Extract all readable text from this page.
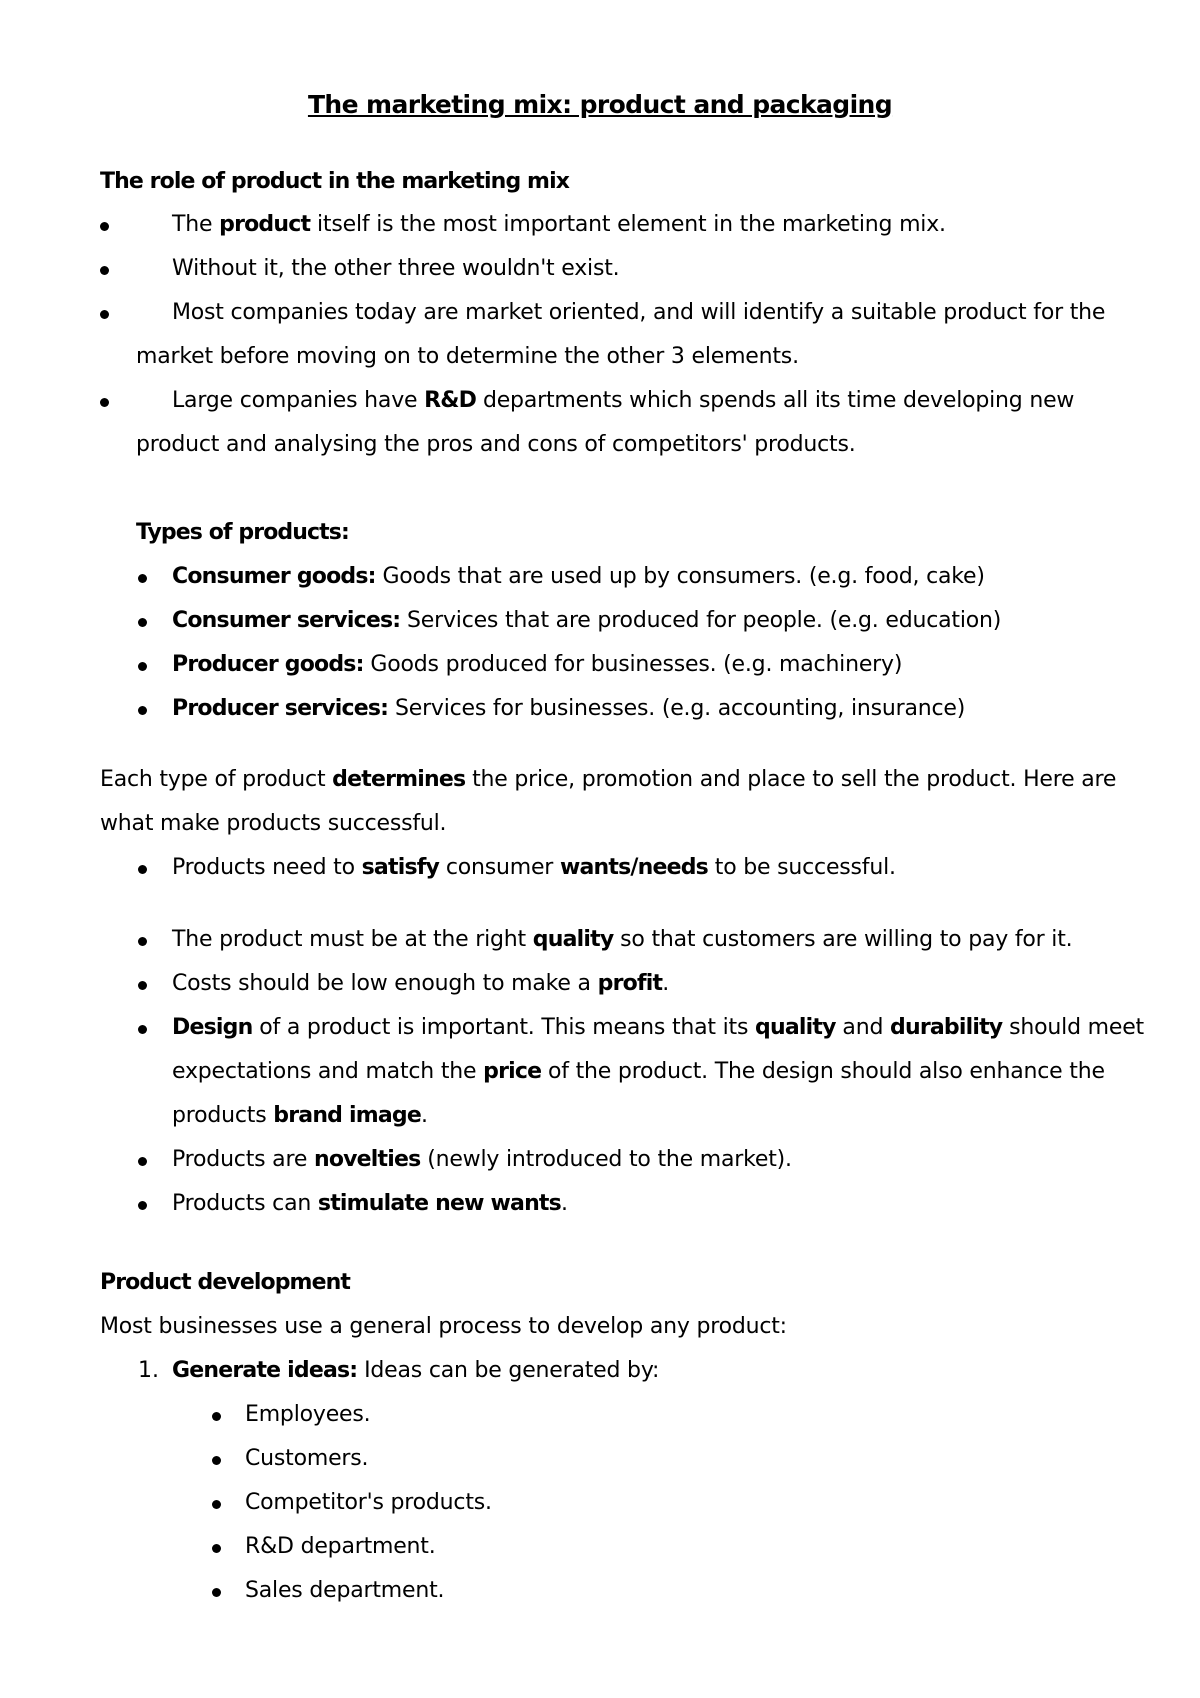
The marketing mix: product and packaging
The role of product in the marketing mix
The product itself is the most important element in the marketing mix.
Without it, the other three wouldn't exist.
Most companies today are market oriented, and will identify a suitable product for the
market before moving on to determine the other 3 elements.
Large companies have R&D departments which spends all its time developing new
product and analysing the pros and cons of competitors' products.
Types of products:
Consumer goods: Goods that are used up by consumers. (e.g. food, cake)
Consumer services: Services that are produced for people. (e.g. education)
Producer goods: Goods produced for businesses. (e.g. machinery)
Producer services: Services for businesses. (e.g. accounting, insurance)
Each type of product determines the price, promotion and place to sell the product. Here are
what make products successful.
Products need to satisfy consumer wants/needs to be successful.
The product must be at the right quality so that customers are willing to pay for it.
Costs should be low enough to make a profit.
Design of a product is important. This means that its quality and durability should meet
expectations and match the price of the product. The design should also enhance the
products brand image.
Products are novelties (newly introduced to the market).
Products can stimulate new wants.
Product development
Most businesses use a general process to develop any product:
1. Generate ideas: Ideas can be generated by:
Employees.
Customers.
Competitor's products.
R&D department.
Sales department.
